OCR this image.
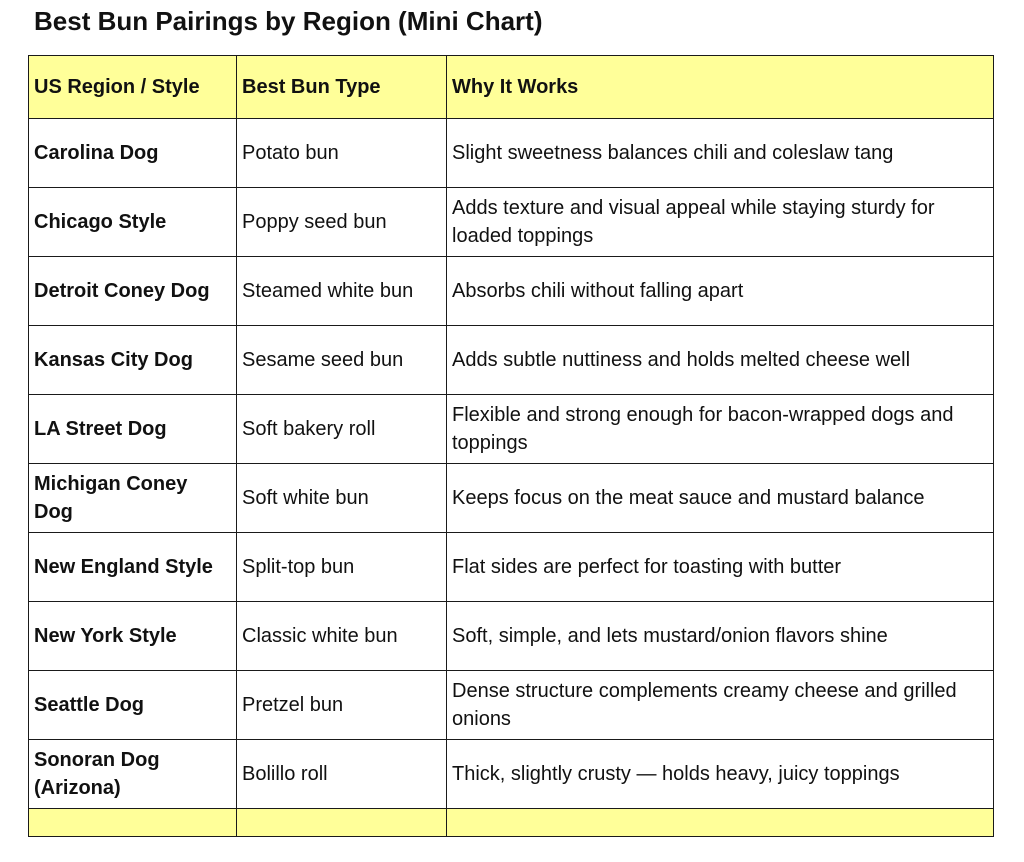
Best Bun Pairings by Region (Mini Chart)
US Region / Style	Best Bun Type	Why It Works
Carolina Dog	Potato bun	Slight sweetness balances chili and coleslaw tang
Chicago Style	Poppy seed bun	Adds texture and visual appeal while staying sturdy for loaded toppings
Detroit Coney Dog	Steamed white bun	Absorbs chili without falling apart
Kansas City Dog	Sesame seed bun	Adds subtle nuttiness and holds melted cheese well
LA Street Dog	Soft bakery roll	Flexible and strong enough for bacon-wrapped dogs and toppings
Michigan Coney Dog	Soft white bun	Keeps focus on the meat sauce and mustard balance
New England Style	Split-top bun	Flat sides are perfect for toasting with butter
New York Style	Classic white bun	Soft, simple, and lets mustard/onion flavors shine
Seattle Dog	Pretzel bun	Dense structure complements creamy cheese and grilled onions
Sonoran Dog (Arizona)	Bolillo roll	Thick, slightly crusty — holds heavy, juicy toppings
